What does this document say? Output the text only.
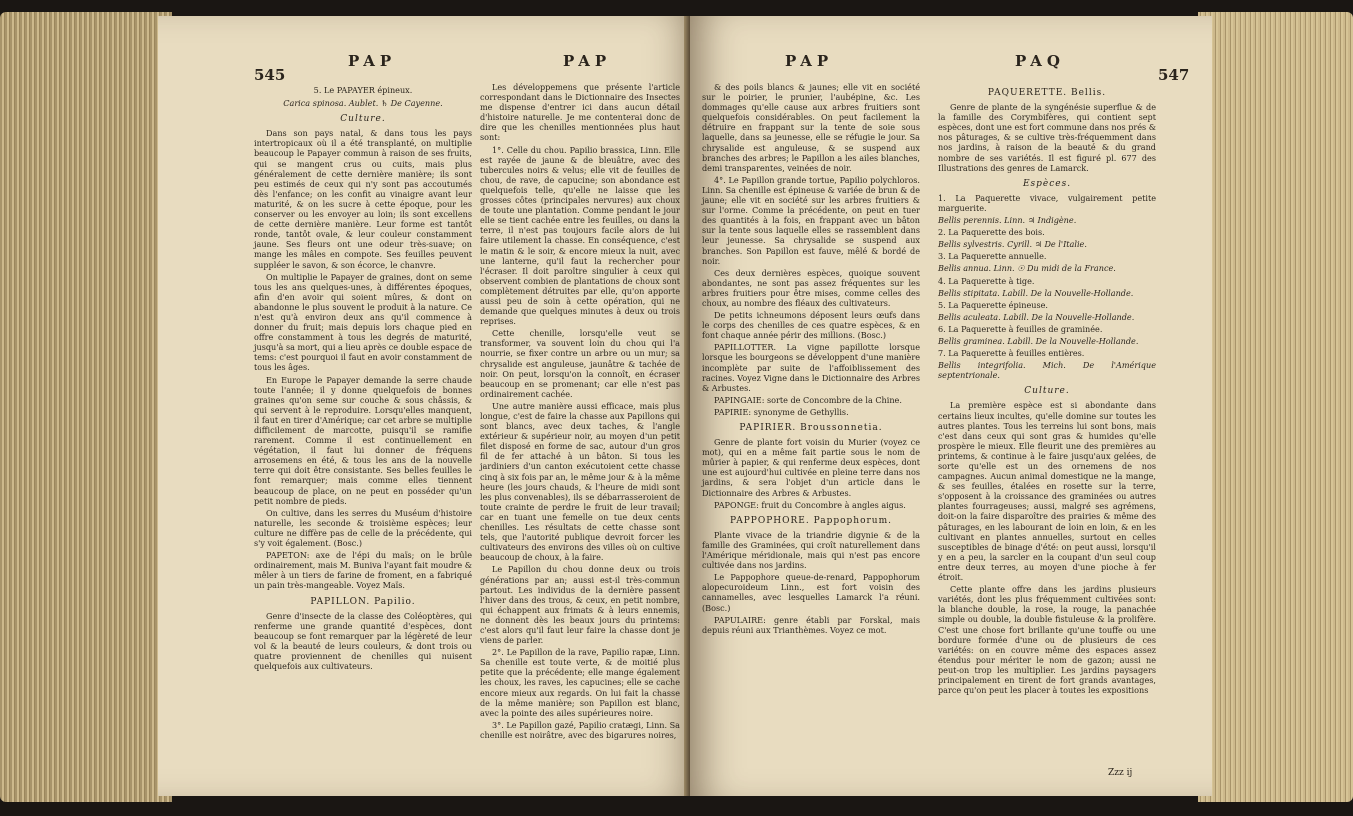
545
PAP	PAP

5. Le PAPAYER épineux.

Carica spinosa. Aublet. ♄ De Cayenne.

Culture.

Dans son pays natal, & dans tous les pays intertropicaux où il a été transplanté, on multiplie beaucoup le Papayer commun à raison de ses fruits, qui se mangent crus ou cuits, mais plus généralement de cette dernière manière; ils sont peu estimés de ceux qui n'y sont pas accoutumés dès l'enfance; on les confit au vinaigre avant leur maturité, & on les sucre à cette époque, pour les conserver ou les envoyer au loin; ils sont excellens de cette dernière manière. Leur forme est tantôt ronde, tantôt ovale, & leur couleur constamment jaune. Ses fleurs ont une odeur très-suave; on mange les mâles en compote. Ses feuilles peuvent suppléer le savon, & son écorce, le chanvre.

On multiplie le Papayer de graines, dont on seme tous les ans quelques-unes, à différentes époques, afin d'en avoir qui soient mûres, & dont on abandonne le plus souvent le produit à la nature. Ce n'est qu'à environ deux ans qu'il commence à donner du fruit; mais depuis lors chaque pied en offre constamment à tous les degrés de maturité, jusqu'à sa mort, qui a lieu après ce double espace de tems: c'est pourquoi il faut en avoir constamment de tous les âges.

En Europe le Papayer demande la serre chaude toute l'année; il y donne quelquefois de bonnes graines qu'on seme sur couche & sous châssis, & qui servent à le reproduire. Lorsqu'elles manquent, il faut en tirer d'Amérique; car cet arbre se multiplie difficilement de marcotte, puisqu'il se ramifie rarement. Comme il est continuellement en végétation, il faut lui donner de fréquens arrosemens en été, & tous les ans de la nouvelle terre qui doit être consistante. Ses belles feuilles le font remarquer; mais comme elles tiennent beaucoup de place, on ne peut en posséder qu'un petit nombre de pieds.

On cultive, dans les serres du Muséum d'histoire naturelle, les seconde & troisième espèces; leur culture ne diffère pas de celle de la précédente, qui s'y voit également. (Bosc.)

PAPETON: axe de l'épi du maïs; on le brûle ordinairement, mais M. Buniva l'ayant fait moudre & mêler à un tiers de farine de froment, en a fabriqué un pain très-mangeable. Voyez Maïs.

PAPILLON. Papilio.

Genre d'insecte de la classe des Coléoptères, qui renferme une grande quantité d'espèces, dont beaucoup se font remarquer par la légèreté de leur vol & la beauté de leurs couleurs, & dont trois ou quatre proviennent de chenilles qui nuisent quelquefois aux cultivateurs.

Les développemens que présente l'article correspondant dans le Dictionnaire des Insectes me dispense d'entrer ici dans aucun détail d'histoire naturelle. Je me contenterai donc de dire que les chenilles mentionnées plus haut sont:

1°. Celle du chou. Papilio brassica, Linn. Elle est rayée de jaune & de bleuâtre, avec des tubercules noirs & velus; elle vit de feuilles de chou, de rave, de capucine; son abondance est quelquefois telle, qu'elle ne laisse que les grosses côtes (principales nervures) aux choux de toute une plantation. Comme pendant le jour elle se tient cachée entre les feuilles, ou dans la terre, il n'est pas toujours facile alors de lui faire utilement la chasse. En conséquence, c'est le matin & le soir, & encore mieux la nuit, avec une lanterne, qu'il faut la rechercher pour l'écraser. Il doit paroître singulier à ceux qui observent combien de plantations de choux sont complètement détruites par elle, qu'on apporte aussi peu de soin à cette opération, qui ne demande que quelques minutes à deux ou trois reprises.

Cette chenille, lorsqu'elle veut se transformer, va souvent loin du chou qui l'a nourrie, se fixer contre un arbre ou un mur; sa chrysalide est anguleuse, jaunâtre & tachée de noir. On peut, lorsqu'on la connoît, en écraser beaucoup en se promenant; car elle n'est pas ordinairement cachée.

Une autre manière aussi efficace, mais plus longue, c'est de faire la chasse aux Papillons qui sont blancs, avec deux taches, & l'angle extérieur & supérieur noir, au moyen d'un petit filet disposé en forme de sac, autour d'un gros fil de fer attaché à un bâton. Si tous les jardiniers d'un canton exécutoient cette chasse cinq à six fois par an, le même jour & à la même heure (les jours chauds, & l'heure de midi sont les plus convenables), ils se débarrasseroient de toute crainte de perdre le fruit de leur travail; car en tuant une femelle on tue deux cents chenilles. Les résultats de cette chasse sont tels, que l'autorité publique devroit forcer les cultivateurs des environs des villes où on cultive beaucoup de choux, à la faire.

Le Papillon du chou donne deux ou trois générations par an; aussi est-il très-commun partout. Les individus de la dernière passent l'hiver dans des trous, & ceux, en petit nombre, qui échappent aux frimats & à leurs ennemis, ne donnent dès les beaux jours du printems: c'est alors qu'il faut leur faire la chasse dont je viens de parler.

2°. Le Papillon de la rave, Papilio rapæ, Linn. Sa chenille est toute verte, & de moitié plus petite que la précédente; elle mange également les choux, les raves, les capucines; elle se cache encore mieux aux regards. On lui fait la chasse de la même manière; son Papillon est blanc, avec la pointe des ailes supérieures noire.

3°. Le Papillon gazé, Papilio cratægi, Linn. Sa chenille est noirâtre, avec des bigarures noires,

PAP	PAQ
547

& des poils blancs & jaunes; elle vit en société sur le poirier, le prunier, l'aubépine, &c. Les dommages qu'elle cause aux arbres fruitiers sont quelquefois considérables. On peut facilement la détruire en frappant sur la tente de soie sous laquelle, dans sa jeunesse, elle se réfugie le jour. Sa chrysalide est anguleuse, & se suspend aux branches des arbres; le Papillon a les ailes blanches, demi transparentes, veinées de noir.

4°. Le Papillon grande tortue, Papilio polychloros. Linn. Sa chenille est épineuse & variée de brun & de jaune; elle vit en société sur les arbres fruitiers & sur l'orme. Comme la précédente, on peut en tuer des quantités à la fois, en frappant avec un bâton sur la tente sous laquelle elles se rassemblent dans leur jeunesse. Sa chrysalide se suspend aux branches. Son Papillon est fauve, mêlé & bordé de noir.

Ces deux dernières espèces, quoique souvent abondantes, ne sont pas assez fréquentes sur les arbres fruitiers pour être mises, comme celles des choux, au nombre des fléaux des cultivateurs.

De petits ichneumons déposent leurs œufs dans le corps des chenilles de ces quatre espèces, & en font chaque année périr des millions. (Bosc.)

PAPILLOTTER. La vigne papillotte lorsque lorsque les bourgeons se développent d'une manière incomplète par suite de l'affoiblissement des racines. Voyez Vigne dans le Dictionnaire des Arbres & Arbustes.

PAPINGAIE: sorte de Concombre de la Chine.

PAPIRIE: synonyme de Gethyllis.

PAPIRIER. Broussonnetia.

Genre de plante fort voisin du Murier (voyez ce mot), qui en a même fait partie sous le nom de mûrier à papier, & qui renferme deux espèces, dont une est aujourd'hui cultivée en pleine terre dans nos jardins, & sera l'objet d'un article dans le Dictionnaire des Arbres & Arbustes.

PAPONGE: fruit du Concombre à angles aigus.

PAPPOPHORE. Pappophorum.

Plante vivace de la triandrie digynie & de la famille des Graminées, qui croît naturellement dans l'Amérique méridionale, mais qui n'est pas encore cultivée dans nos jardins.

Le Pappophore queue-de-renard, Pappophorum alopecuroideum Linn., est fort voisin des cannamelles, avec lesquelles Lamarck l'a réuni. (Bosc.)

PAPULAIRE: genre établi par Forskal, mais depuis réuni aux Trianthèmes. Voyez ce mot.

PAQUERETTE. Bellis.

Genre de plante de la syngénésie superflue & de la famille des Corymbifères, qui contient sept espèces, dont une est fort commune dans nos prés & nos pâturages, & se cultive très-fréquemment dans nos jardins, à raison de la beauté & du grand nombre de ses variétés. Il est figuré pl. 677 des Illustrations des genres de Lamarck.

Espèces.

1. La Paquerette vivace, vulgairement petite marguerite.

Bellis perennis. Linn. ♃ Indigène.

2. La Paquerette des bois.

Bellis sylvestris. Cyrill. ♃ De l'Italie.

3. La Paquerette annuelle.

Bellis annua. Linn. ☉ Du midi de la France.

4. La Paquerette à tige.

Bellis stipitata. Labill. De la Nouvelle-Hollande.

5. La Paquerette épineuse.

Bellis aculeata. Labill. De la Nouvelle-Hollande.

6. La Paquerette à feuilles de graminée.

Bellis graminea. Labill. De la Nouvelle-Hollande.

7. La Paquerette à feuilles entières.

Bellis integrifolia. Mich. De l'Amérique septentrionale.

Culture.

La première espèce est si abondante dans certains lieux incultes, qu'elle domine sur toutes les autres plantes. Tous les terreins lui sont bons, mais c'est dans ceux qui sont gras & humides qu'elle prospère le mieux. Elle fleurit une des premières au printems, & continue à le faire jusqu'aux gelées, de sorte qu'elle est un des ornemens de nos campagnes. Aucun animal domestique ne la mange, & ses feuilles, étalées en rosette sur la terre, s'opposent à la croissance des graminées ou autres plantes fourrageuses; aussi, malgré ses agrémens, doit-on la faire disparoître des prairies & même des pâturages, en les labourant de loin en loin, & en les cultivant en plantes annuelles, surtout en celles susceptibles de binage d'été: on peut aussi, lorsqu'il y en a peu, la sarcler en la coupant d'un seul coup entre deux terres, au moyen d'une pioche à fer étroit.

Cette plante offre dans les jardins plusieurs variétés, dont les plus fréquemment cultivées sont: la blanche double, la rose, la rouge, la panachée simple ou double, la double fistuleuse & la prolifère. C'est une chose fort brillante qu'une touffe ou une bordure formée d'une ou de plusieurs de ces variétés: on en couvre même des espaces assez étendus pour mériter le nom de gazon; aussi ne peut-on trop les multiplier. Les jardins paysagers principalement en tirent de fort grands avantages, parce qu'on peut les placer à toutes les expositions

Zzz ij
